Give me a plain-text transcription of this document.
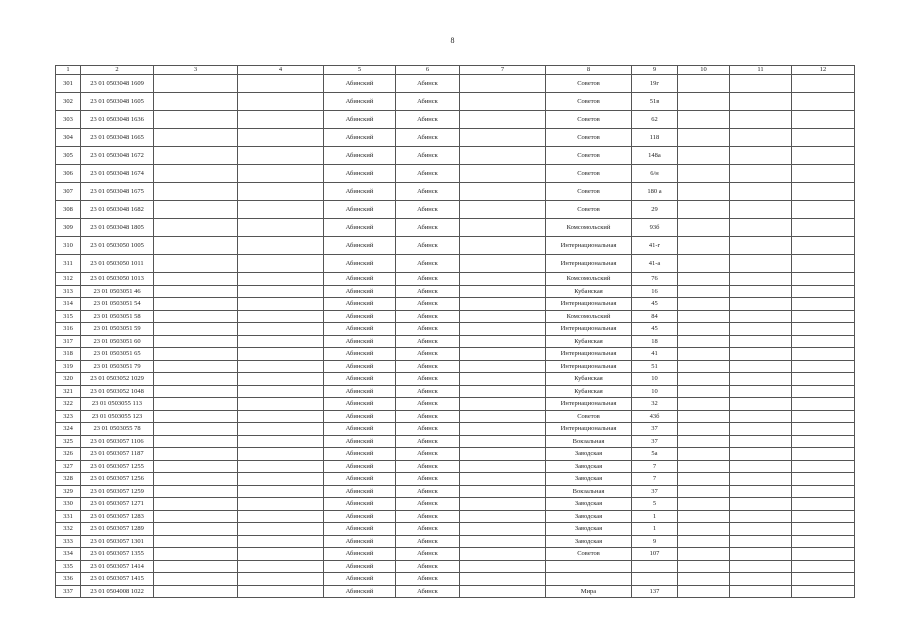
8
1	2	3	4	5	6	7	8	9	10	11	12
301	23 01 0503048 1609			Абинский	Абинск		Советов	19г			
302	23 01 0503048 1605			Абинский	Абинск		Советов	51в			
303	23 01 0503048 1636			Абинский	Абинск		Советов	62			
304	23 01 0503048 1665			Абинский	Абинск		Советов	118			
305	23 01 0503048 1672			Абинский	Абинск		Советов	148а			
306	23 01 0503048 1674			Абинский	Абинск		Советов	6/н			
307	23 01 0503048 1675			Абинский	Абинск		Советов	180 а			
308	23 01 0503048 1682			Абинский	Абинск		Советов	29			
309	23 01 0503048 1805			Абинский	Абинск		Комсомольский	93б			
310	23 01 0503050 1005			Абинский	Абинск		Интернациональная	41-г			
311	23 01 0503050 1011			Абинский	Абинск		Интернациональная	41-а			
312	23 01 0503050 1013			Абинский	Абинск		Комсомольский	76			
313	23 01 0503051 46			Абинский	Абинск		Кубанская	16			
314	23 01 0503051 54			Абинский	Абинск		Интернациональная	45			
315	23 01 0503051 58			Абинский	Абинск		Комсомольский	84			
316	23 01 0503051 59			Абинский	Абинск		Интернациональная	45			
317	23 01 0503051 60			Абинский	Абинск		Кубанская	18			
318	23 01 0503051 65			Абинский	Абинск		Интернациональная	41			
319	23 01 0503051 79			Абинский	Абинск		Интернациональная	51			
320	23 01 0503052 1029			Абинский	Абинск		Кубанская	10			
321	23 01 0503052 1048			Абинский	Абинск		Кубанская	10			
322	23 01 0503055 113			Абинский	Абинск		Интернациональная	32			
323	23 01 0503055 123			Абинский	Абинск		Советов	43б			
324	23 01 0503055 78			Абинский	Абинск		Интернациональная	37			
325	23 01 0503057 1106			Абинский	Абинск		Вокзальная	37			
326	23 01 0503057 1187			Абинский	Абинск		Заводская	5а			
327	23 01 0503057 1255			Абинский	Абинск		Заводская	7			
328	23 01 0503057 1256			Абинский	Абинск		Заводская	7			
329	23 01 0503057 1259			Абинский	Абинск		Вокзальная	37			
330	23 01 0503057 1271			Абинский	Абинск		Заводская	5			
331	23 01 0503057 1283			Абинский	Абинск		Заводская	1			
332	23 01 0503057 1289			Абинский	Абинск		Заводская	1			
333	23 01 0503057 1301			Абинский	Абинск		Заводская	9			
334	23 01 0503057 1355			Абинский	Абинск		Советов	107			
335	23 01 0503057 1414			Абинский	Абинск						
336	23 01 0503057 1415			Абинский	Абинск						
337	23 01 0504008 1022			Абинский	Абинск		Мира	137			
